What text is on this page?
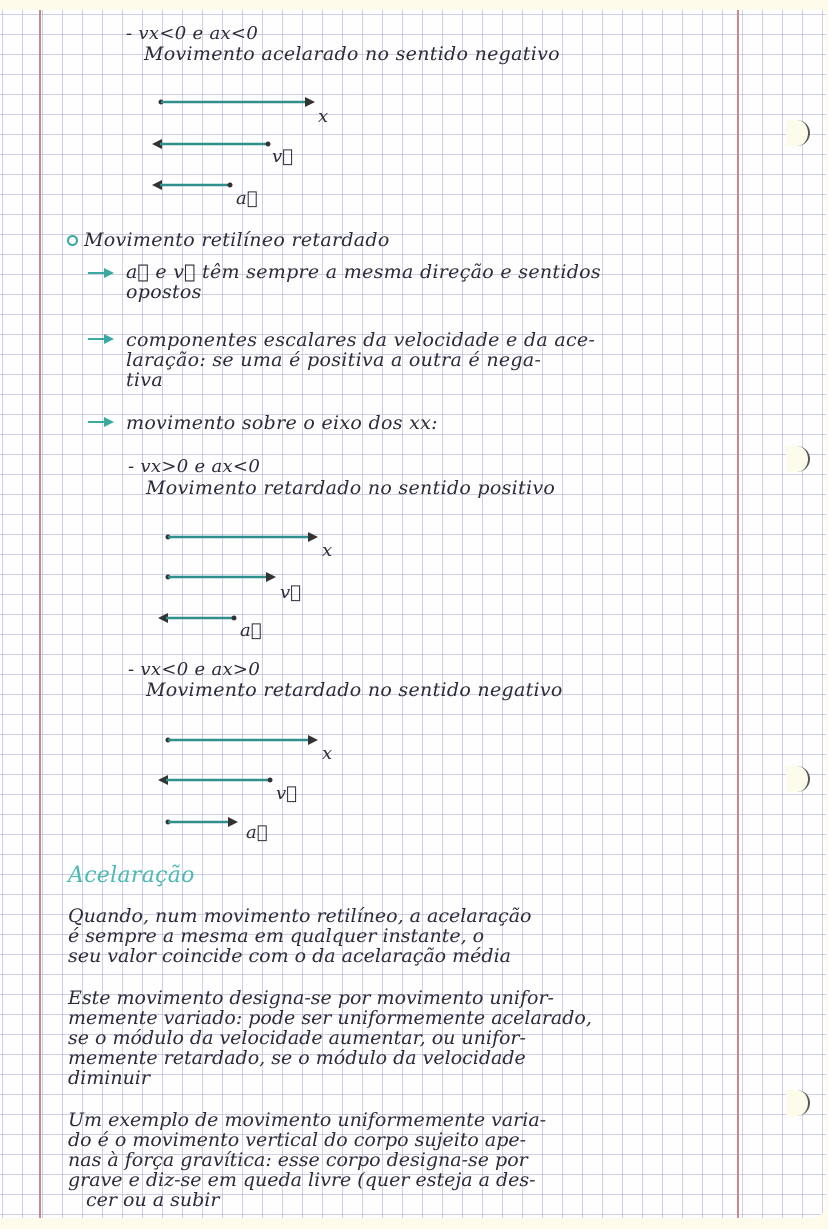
- vx<0 e ax<0
Movimento acelarado no sentido negativo
x
v⃗
a⃗
Movimento retilíneo retardado
a⃗ e v⃗ têm sempre a mesma direção e sentidos
opostos
componentes escalares da velocidade e da ace-
laração: se uma é positiva a outra é nega-
tiva
movimento sobre o eixo dos xx:
- vx>0 e ax<0
Movimento retardado no sentido positivo
x
v⃗
a⃗
- vx<0 e ax>0
Movimento retardado no sentido negativo
x
v⃗
a⃗
Acelaração
Quando, num movimento retilíneo, a acelaração
é sempre a mesma em qualquer instante, o
seu valor coincide com o da acelaração média
Este movimento designa-se por movimento unifor-
memente variado: pode ser uniformemente acelarado,
se o módulo da velocidade aumentar, ou unifor-
memente retardado, se o módulo da velocidade
diminuir
Um exemplo de movimento uniformemente varia-
do é o movimento vertical do corpo sujeito ape-
nas à força gravítica: esse corpo designa-se por
grave e diz-se em queda livre (quer esteja a des-
cer ou a subir
